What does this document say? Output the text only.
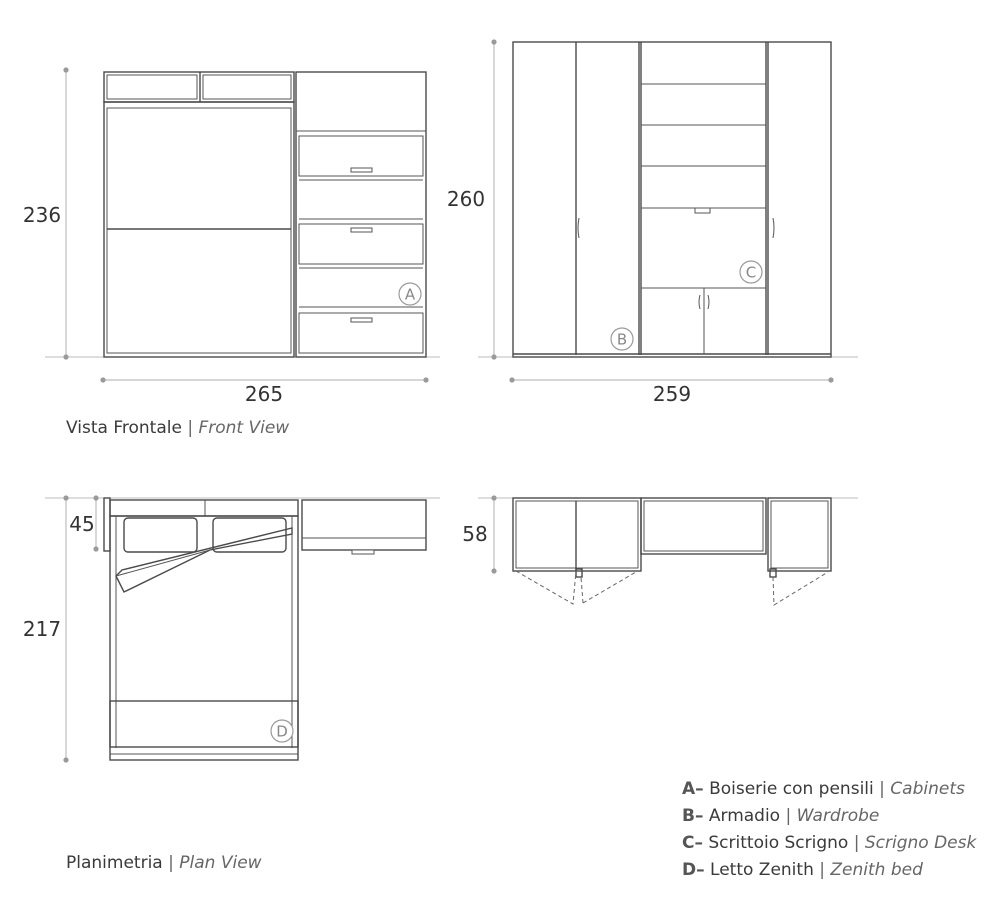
A
236
265
B
C
260
259
D
45
217
58
Vista Frontale | Front View
Planimetria | Plan View
A– Boiserie con pensili | Cabinets
B– Armadio | Wardrobe
C– Scrittoio Scrigno | Scrigno Desk
D– Letto Zenith | Zenith bed
